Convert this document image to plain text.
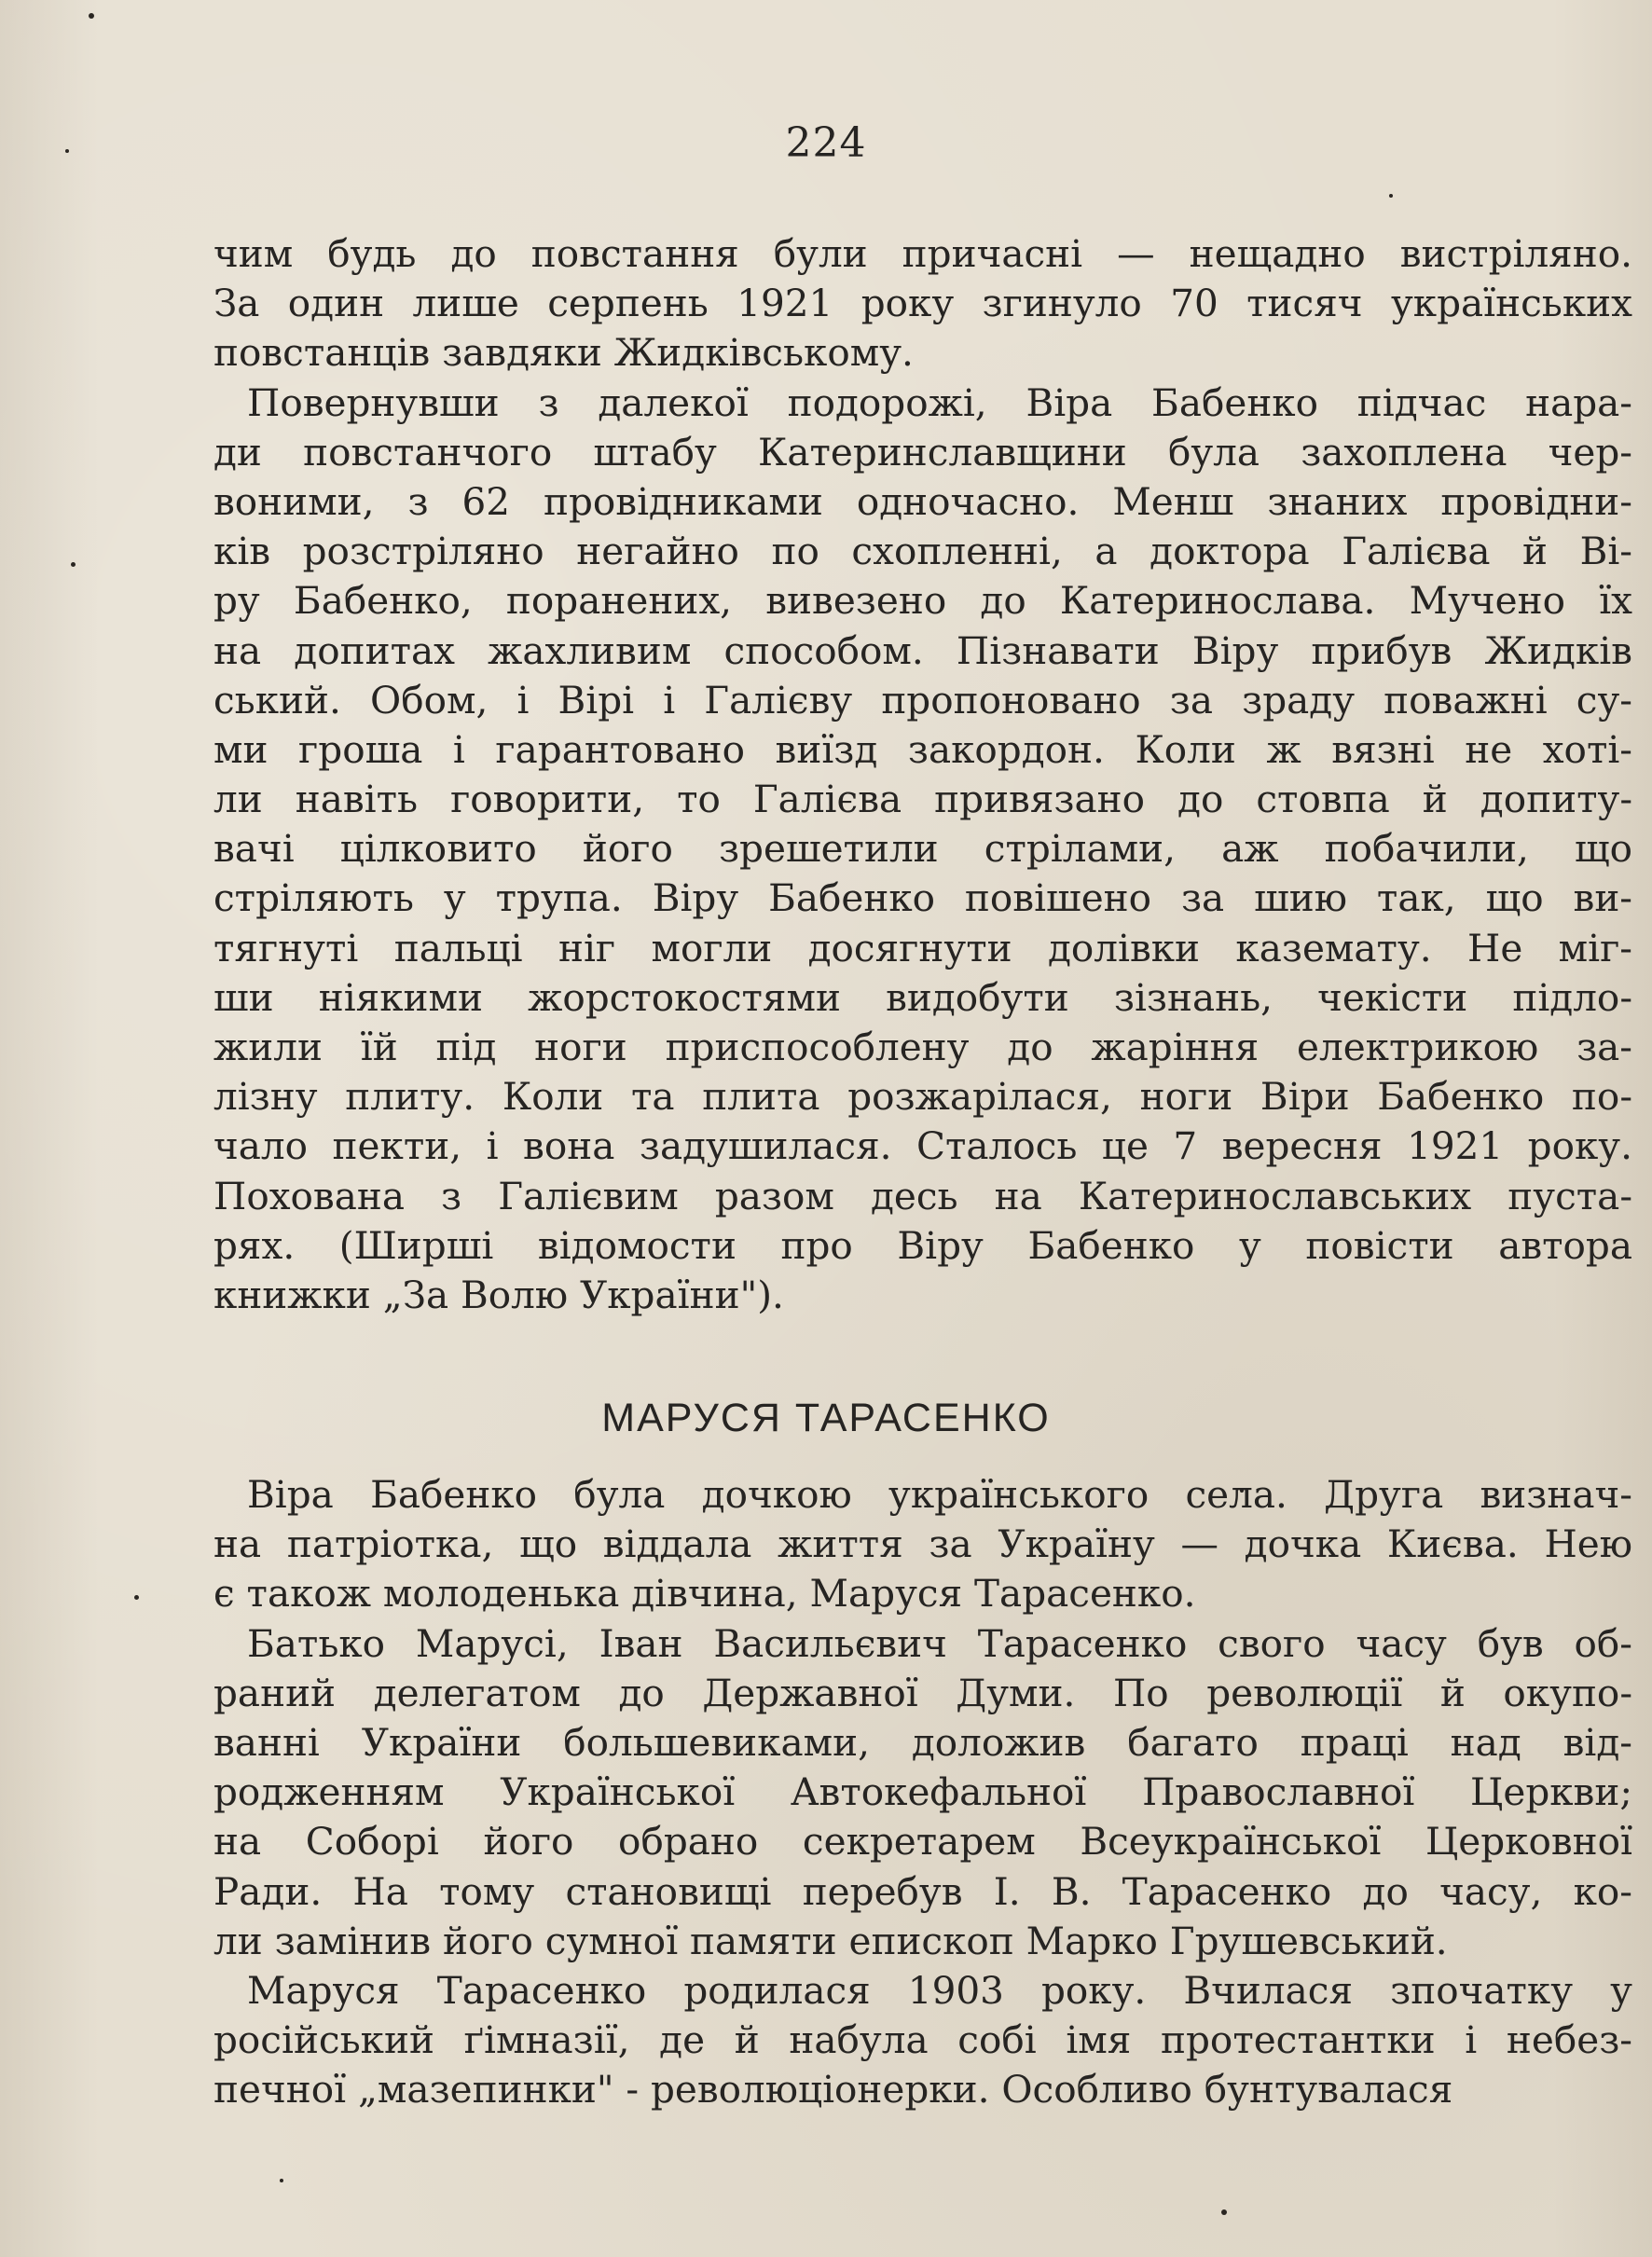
224
чим будь до повстання були причасні — нещадно вистріляно.
За один лише серпень 1921 року згинуло 70 тисяч українських
повстанців завдяки Жидківському.
Повернувши з далекої подорожі, Віра Бабенко підчас нара-
ди повстанчого штабу Катеринславщини була захоплена чер-
воними, з 62 провідниками одночасно. Менш знаних провідни-
ків розстріляно негайно по схопленні, а доктора Галієва й Ві-
ру Бабенко, поранених, вивезено до Катеринослава. Мучено їх
на допитах жахливим способом. Пізнавати Віру прибув Жидків
ський. Обом, і Вірі і Галієву пропоновано за зраду поважні су-
ми гроша і гарантовано виїзд закордон. Коли ж вязні не хоті-
ли навіть говорити, то Галієва привязано до стовпа й допиту-
вачі цілковито його зрешетили стрілами, аж побачили, що
стріляють у трупа. Віру Бабенко повішено за шию так, що ви-
тягнуті пальці ніг могли досягнути долівки каземату. Не міг-
ши ніякими жорстокостями видобути зізнань, чекісти підло-
жили їй під ноги приспособлену до жаріння електрикою за-
лізну плиту. Коли та плита розжарілася, ноги Віри Бабенко по-
чало пекти, і вона задушилася. Сталось це 7 вересня 1921 року.
Похована з Галієвим разом десь на Катеринославських пуста-
рях. (Ширші відомости про Віру Бабенко у повісти автора
книжки „За Волю України").
МАРУСЯ ТАРАСЕНКО
Віра Бабенко була дочкою українського села. Друга визнач-
на патріотка, що віддала життя за Україну — дочка Києва. Нею
є також молоденька дівчина, Маруся Тарасенко.
Батько Марусі, Іван Васильєвич Тарасенко свого часу був об-
раний делегатом до Державної Думи. По революції й окупо-
ванні України большевиками, доложив багато праці над від-
родженням Української Автокефальної Православної Церкви;
на Соборі його обрано секретарем Всеукраїнської Церковної
Ради. На тому становищі перебув І. В. Тарасенко до часу, ко-
ли замінив його сумної памяти епископ Марко Грушевський.
Маруся Тарасенко родилася 1903 року. Вчилася зпочатку у
російський ґімназії, де й набула собі імя протестантки і небез-
печної „мазепинки" - революціонерки. Особливо бунтувалася
